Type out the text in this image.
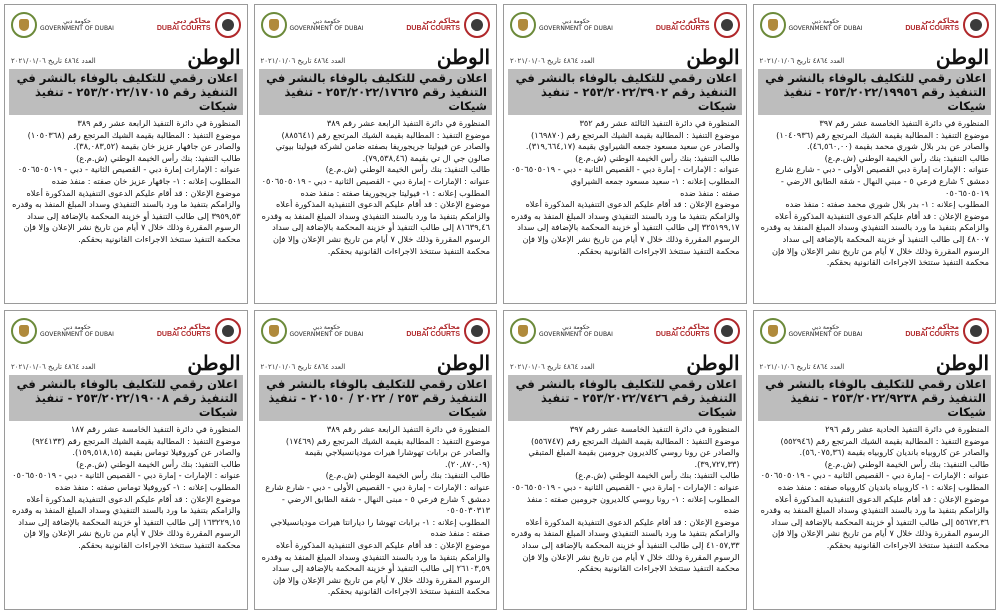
حكومة دبي
GOVERNMENT OF DUBAI
محاكم دبي
DUBAI COURTS
الوطن
العدد ٤٨٦٤ تاريخ ٢٠٢١/٠١/٠٦
اعلان رقمي للتكليف بالوفاء بالنشر في التنفيذ رقم ٢٥٣/٢٠٢٢/١٩٩٥٦ - تنفيذ شيكات

المنظورة في دائرة التنفيذ الخامسة عشر رقم ٣٩٧

موضوع التنفيذ : المطالبة بقيمة الشيك المرتجع رقم (١٠٤٠٩٣٦)

والصادر عن بدر بلال شوري محمد بقيمة (٤٦,٥٦٠,٠٠).

طالب التنفيذ: بنك رأس الخيمة الوطني (ش.م.ع)

عنوانه : الإمارات إمارة دبي القصيص الأولى - دبي - شارع شارع دمشق ؟ شارع فرعي ٥ - مبني النهال - شقة الطابق الارضي - ٠٥٠٦٥٠٥٠١٩

المطلوب إعلانه : ١- بدر بلال شوري محمد صفته : منفذ ضده

موضوع الإعلان : قد أقام عليكم الدعوى التنفيذية المذكورة أعلاه والزامكم بتنفيذ ما ورد بالسند التنفيذي وسداد المبلغ المنفذ به وقدره ٤٨٠٠٧ إلى طالب التنفيذ أو خزينة المحكمة بالإضافة إلى سداد الرسوم المقررة وذلك خلال ٧ أيام من تاريخ نشر الإعلان وإلا فإن محكمة التنفيذ ستتخذ الاجراءات القانونية بحقكم.

حكومة دبي
GOVERNMENT OF DUBAI
محاكم دبي
DUBAI COURTS
الوطن
العدد ٤٨٦٤ تاريخ ٢٠٢١/٠١/٠٦
اعلان رقمي للتكليف بالوفاء بالنشر في التنفيذ رقم ٢٥٣/٢٠٢٢/٣٩٠٢ - تنفيذ شيكات

المنظورة في دائرة التنفيذ الثالثة عشر رقم ٣٥٢

موضوع التنفيذ : المطالبة بقيمة الشيك المرتجع رقم (١٦٩٨٧٠)

والصادر عن سعيد مسعود جمعه الشيراوي بقيمة (٣١٩,٦٦٤,١٧).

طالب التنفيذ: بنك رأس الخيمة الوطني (ش.م.ع)

عنوانه : الإمارات - إمارة دبي - القصيص الثانية - دبي - ٠٥٠٦٥٠٥٠١٩

المطلوب إعلانه : ١- سعيد مسعود جمعه الشيراوي

صفته : منفذ ضده

موضوع الإعلان : قد أقام عليكم الدعوى التنفيذية المذكورة أعلاه والزامكم بتنفيذ ما ورد بالسند التنفيذي وسداد المبلغ المنفذ به وقدره ٣٢٥١٩٩,١٧ إلى طالب التنفيذ أو خزينة المحكمة بالإضافة إلى سداد الرسوم المقررة وذلك خلال ٧ أيام من تاريخ نشر الإعلان وإلا فإن محكمة التنفيذ ستتخذ الاجراءات القانونية بحقكم.

حكومة دبي
GOVERNMENT OF DUBAI
محاكم دبي
DUBAI COURTS
الوطن
العدد ٤٨٦٤ تاريخ ٢٠٢١/٠١/٠٦
اعلان رقمي للتكليف بالوفاء بالنشر في التنفيذ رقم ٢٥٣/٢٠٢٢/١٧٦٢٥ - تنفيذ شيكات

المنظورة في دائرة التنفيذ الرابعة عشر رقم ٣٨٩

موضوع التنفيذ : المطالبة بقيمة الشيك المرتجع رقم (٨٨٥٦٤١)

والصادر عن فيوليتا جريجوريفا بصفته ضامن لشركة فيوليتا بيوتي صالون جي ال تي بقيمة (٧٩,٥٣٨,٤٦).

طالب التنفيذ: بنك رأس الخيمة الوطني (ش.م.ع)

عنوانه : الإمارات - إمارة دبي - القصيص الثانية - دبي - ٠٥٠٦٥٠٥٠١٩

المطلوب إعلانه : ١- فيوليتا جريجوريفا صفته : منفذ ضده

موضوع الإعلان : قد أقام عليكم الدعوى التنفيذية المذكورة أعلاه والزامكم بتنفيذ ما ورد بالسند التنفيذي وسداد المبلغ المنفذ به وقدره ٨١٦٣٩,٤٦ إلى طالب التنفيذ أو خزينة المحكمة بالإضافة إلى سداد الرسوم المقررة وذلك خلال ٧ أيام من تاريخ نشر الإعلان وإلا فإن محكمة التنفيذ ستتخذ الاجراءات القانونية بحقكم.

حكومة دبي
GOVERNMENT OF DUBAI
محاكم دبي
DUBAI COURTS
الوطن
العدد ٤٨٦٤ تاريخ ٢٠٢١/٠١/٠٦
اعلان رقمي للتكليف بالوفاء بالنشر في التنفيذ رقم ٢٥٣/٢٠٢٢/١٧٠١٥ - تنفيذ شيكات

المنظورة في دائرة التنفيذ الرابعة عشر رقم ٣٨٩

موضوع التنفيذ : المطالبة بقيمة الشيك المرتجع رقم (١٠٥٠٣٦٨)

والصادر عن جافهار عزيز خان بقيمة (٣٨,٠٨٣,٥٢).

طالب التنفيذ: بنك رأس الخيمة الوطني (ش.م.ع)

عنوانه : الإمارات إمارة دبي - القصيص الثانية - دبي - ٠٥٠٦٥٠٥٠١٩

المطلوب إعلانه : ١- جافهار عزيز خان صفته : منفذ ضده

موضوع الإعلان : قد أقام عليكم الدعوى التنفيذية المذكورة أعلاه والزامكم بتنفيذ ما ورد بالسند التنفيذي وسداد المبلغ المنفذ به وقدره ٣٩٥٩,٥٣ إلى طالب التنفيذ أو خزينة المحكمة بالإضافة إلى سداد الرسوم المقررة وذلك خلال ٧ أيام من تاريخ نشر الإعلان وإلا فإن محكمة التنفيذ ستتخذ الاجراءات القانونية بحقكم.

حكومة دبي
GOVERNMENT OF DUBAI
محاكم دبي
DUBAI COURTS
الوطن
العدد ٤٨٦٤ تاريخ ٢٠٢١/٠١/٠٦
اعلان رقمي للتكليف بالوفاء بالنشر في التنفيذ رقم ٢٥٣/٢٠٢٢/٩٢٣٨ - تنفيذ شيكات

المنظورة في دائرة التنفيذ الحادية عشر رقم ٢٩٦

موضوع التنفيذ : المطالبة بقيمة الشيك المرتجع رقم (٥٥٢٩٤٦)

والصادر عن كاروبياه بانديان كاروبياه بقيمة (٥٦,٠٧٥,٣٦).

طالب التنفيذ: بنك رأس الخيمة الوطني (ش.م.ع)

عنوانه : الإمارات - إمارة دبي - القصيص الثانية - دبي - ٠٥٠٦٥٠٥٠١٩

المطلوب إعلانه : ١- كاروبياه بانديان كاروبياه صفته : منفذ ضده

موضوع الإعلان : قد أقام عليكم الدعوى التنفيذية المذكورة أعلاه والزامكم بتنفيذ ما ورد بالسند التنفيذي وسداد المبلغ المنفذ به وقدره ٥٥٦٧٢,٣٦ إلى طالب التنفيذ أو خزينة المحكمة بالإضافة إلى سداد الرسوم المقررة وذلك خلال ٧ أيام من تاريخ نشر الإعلان وإلا فإن محكمة التنفيذ ستتخذ الاجراءات القانونية بحقكم.

حكومة دبي
GOVERNMENT OF DUBAI
محاكم دبي
DUBAI COURTS
الوطن
العدد ٤٨٦٤ تاريخ ٢٠٢١/٠١/٠٦
اعلان رقمي للتكليف بالوفاء بالنشر في التنفيذ رقم ٢٥٣/٢٠٢٢/٧٤٢٦ - تنفيذ شيكات

المنظورة في دائرة التنفيذ الخامسة عشر رقم ٣٩٧

موضوع التنفيذ : المطالبة بقيمة الشيك المرتجع رقم (٥٥٦٧٤٧)

والصادر عن رونا روسي كالديرون جرومين بقيمة المبلغ المتبقي (٣٩,٧٢٧,٣٣).

طالب التنفيذ: بنك رأس الخيمة الوطني (ش.م.ع)

عنوانه : الإمارات - إمارة دبي - القصيص الثانية - دبي - ٠٥٠٦٥٠٥٠١٩

المطلوب إعلانه : ١- رونا روسي كالديرون جرومين صفته : منفذ ضده

موضوع الإعلان : قد أقام عليكم الدعوى التنفيذية المذكورة أعلاه والزامكم بتنفيذ ما ورد بالسند التنفيذي وسداد المبلغ المنفذ به وقدره ٤١٠٥٧,٣٣ إلى طالب التنفيذ أو خزينة المحكمة بالإضافة إلى سداد الرسوم المقررة وذلك خلال ٧ أيام من تاريخ نشر الإعلان وإلا فإن محكمة التنفيذ ستتخذ الاجراءات القانونية بحقكم.

حكومة دبي
GOVERNMENT OF DUBAI
محاكم دبي
DUBAI COURTS
الوطن
العدد ٤٨٦٤ تاريخ ٢٠٢١/٠١/٠٦
اعلان رقمي للتكليف بالوفاء بالنشر في التنفيذ رقم ٢٥٣ / ٢٠٢٢ / ٢٠١٥٠ - تنفيذ شيكات

المنظورة في دائرة التنفيذ الرابعة عشر رقم ٣٨٩

موضوع التنفيذ : المطالبة بقيمة الشيك المرتجع رقم (١٧٤٦٩) والصادر عن برابات تهوشارا هيرات موديانسيلاجي بقيمة (٢٠,٨٧٠,٠٩).

طالب التنفيذ: بنك رأس الخيمة الوطني (ش.م.ع)

عنوانه : الإمارات - إمارة دبي - القصيص الأولى - دبي - شارع شارع دمشق ؟ شارع فرعي ٥ - مبنى النهال - شقة الطابق الارضي - ٠٥٠٥٠٣٠٣١٣

المطلوب إعلانه : ١- برابات تهوشا را ديارانتا هيرات موديانسيلاجي صفته : منفذ ضده

موضوع الإعلان : قد أقام عليكم الدعوى التنفيذية المذكورة أعلاه والزامكم بتنفيذ ما ورد بالسند التنفيذي وسداد المبلغ المنفذ به وقدره ٢٦١٠٣,٥٩ إلى طالب التنفيذ أو خزينة المحكمة بالإضافة إلى سداد الرسوم المقررة وذلك خلال ٧ أيام من تاريخ نشر الإعلان وإلا فإن محكمة التنفيذ ستتخذ الاجراءات القانونية بحقكم.

حكومة دبي
GOVERNMENT OF DUBAI
محاكم دبي
DUBAI COURTS
الوطن
العدد ٤٨٦٤ تاريخ ٢٠٢١/٠١/٠٦
اعلان رقمي للتكليف بالوفاء بالنشر في التنفيذ رقم ٢٥٣/٢٠٢٢/١٩٠٠٨ - تنفيذ شيكات

المنظورة في دائرة التنفيذ الخامسة عشر رقم ١٨٧

موضوع التنفيذ : المطالبة بقيمة الشيك المرتجع رقم (٩٢٤١٣٣)

والصادر عن كوروفيلا توماس بقيمة (١٥٩,٥١٨,١٥).

طالب التنفيذ: بنك رأس الخيمة الوطني (ش.م.ع)

عنوانه : الإمارات - إمارة دبي - القصيص الثانية - دبي - ٠٥٠٦٥٠٥٠١٩

المطلوب إعلانه : ١- كوروفيلا توماس صفته : منفذ ضده

موضوع الإعلان : قد أقام عليكم الدعوى التنفيذية المذكورة أعلاه والزامكم بتنفيذ ما ورد بالسند التنفيذي وسداد المبلغ المنفذ به وقدره ١٦٣٢٢٩,١٥ إلى طالب التنفيذ أو خزينة المحكمة بالإضافة إلى سداد الرسوم المقررة وذلك خلال ٧ أيام من تاريخ نشر الإعلان وإلا فإن محكمة التنفيذ ستتخذ الاجراءات القانونية بحقكم.
